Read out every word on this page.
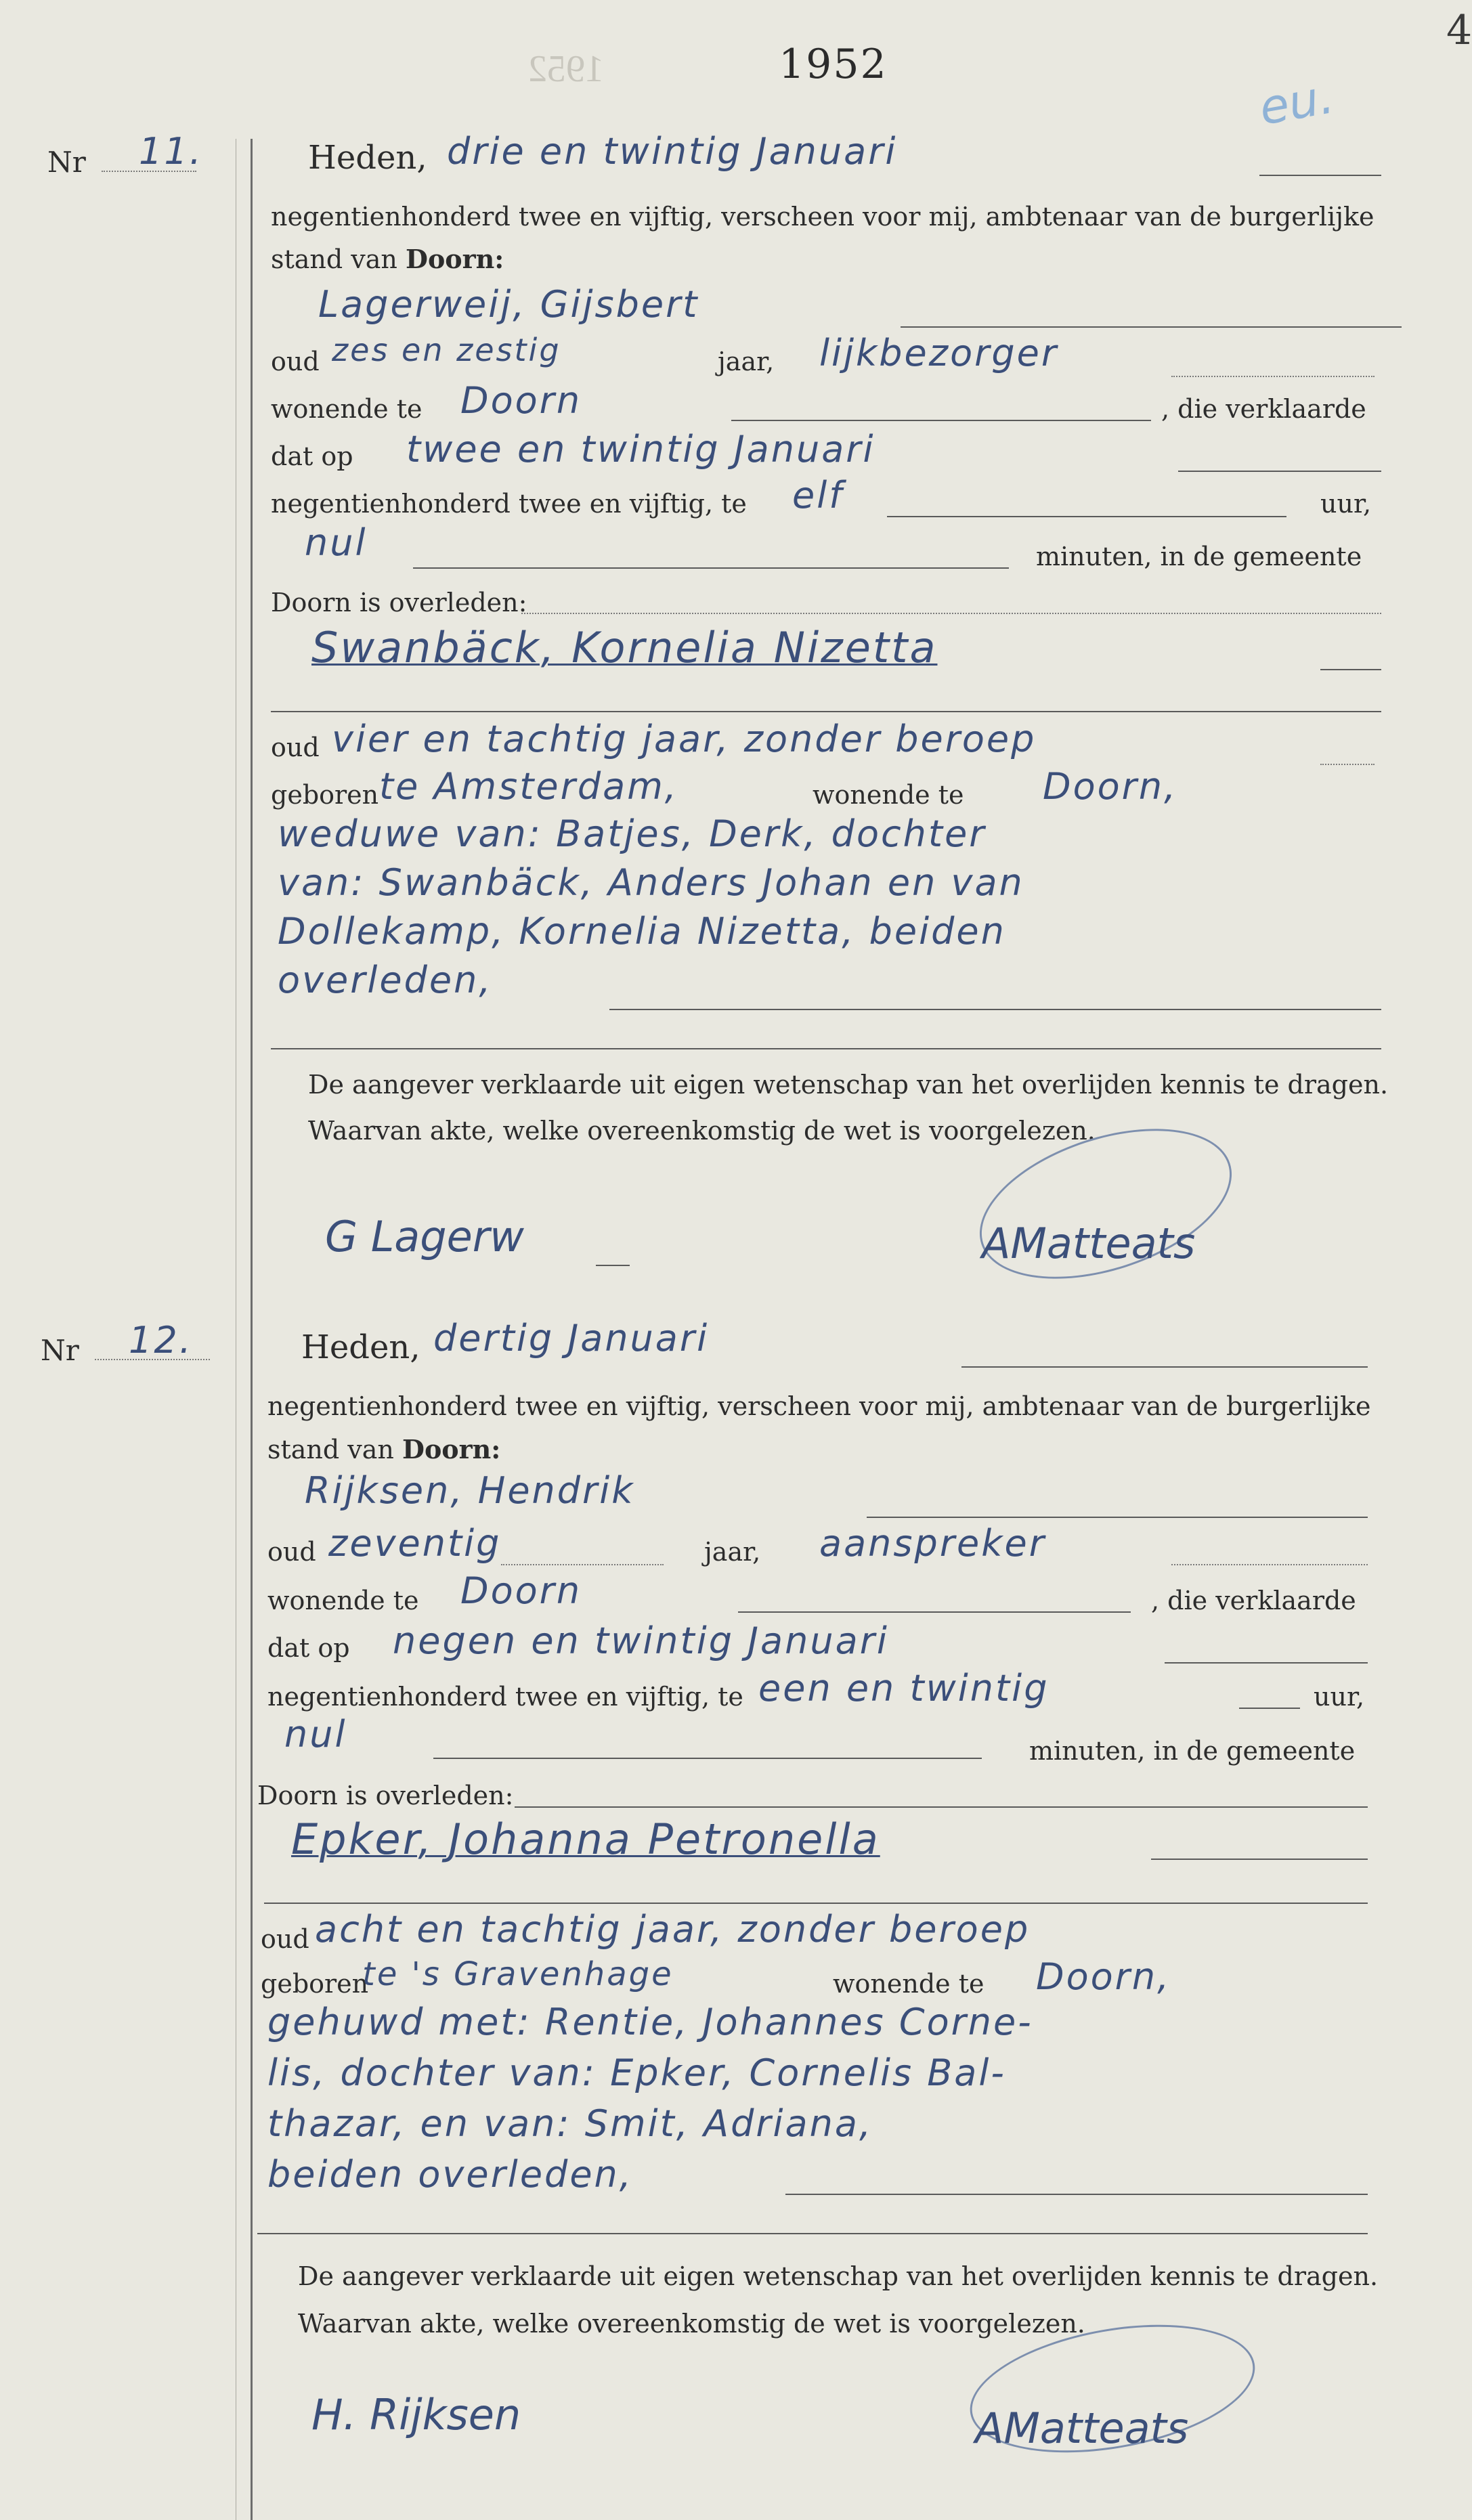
1952	1952
4
eu.
Nr 11.	Heden, drie en twintig Januari
negentienhonderd twee en vijftig, verscheen voor mij, ambtenaar van de burgerlijke
stand van Doorn:
Lagerweij, Gijsbert
oud zes en zestig	jaar, lijkbezorger
wonende te Doorn	, die verklaarde
dat op twee en twintig Januari
negentienhonderd twee en vijftig, te elf	uur,
nul	minuten, in de gemeente
Doorn is overleden:
Swanbäck, Kornelia Nizetta
oud vier en tachtig jaar, zonder beroep
geboren te Amsterdam,	wonende te Doorn,
weduwe van: Batjes, Derk, dochter
van: Swanbäck, Anders Johan en van
Dollekamp, Kornelia Nizetta, beiden
overleden,
De aangever verklaarde uit eigen wetenschap van het overlijden kennis te dragen.
Waarvan akte, welke overeenkomstig de wet is voorgelezen.
G Lagerw	AMatteats
Nr 12.	Heden, dertig Januari
negentienhonderd twee en vijftig, verscheen voor mij, ambtenaar van de burgerlijke
stand van Doorn:
Rijksen, Hendrik
oud zeventig	jaar, aanspreker
wonende te Doorn	, die verklaarde
dat op negen en twintig Januari
negentienhonderd twee en vijftig, te een en twintig	uur,
nul	minuten, in de gemeente
Doorn is overleden:
Epker, Johanna Petronella
oud acht en tachtig jaar, zonder beroep
geboren
te 's Gravenhage	wonende te Doorn,
gehuwd met: Rentie, Johannes Corne-
lis, dochter van: Epker, Cornelis Bal-
thazar, en van: Smit, Adriana,
beiden overleden,
De aangever verklaarde uit eigen wetenschap van het overlijden kennis te dragen.
Waarvan akte, welke overeenkomstig de wet is voorgelezen.
H. Rijksen	AMatteats
